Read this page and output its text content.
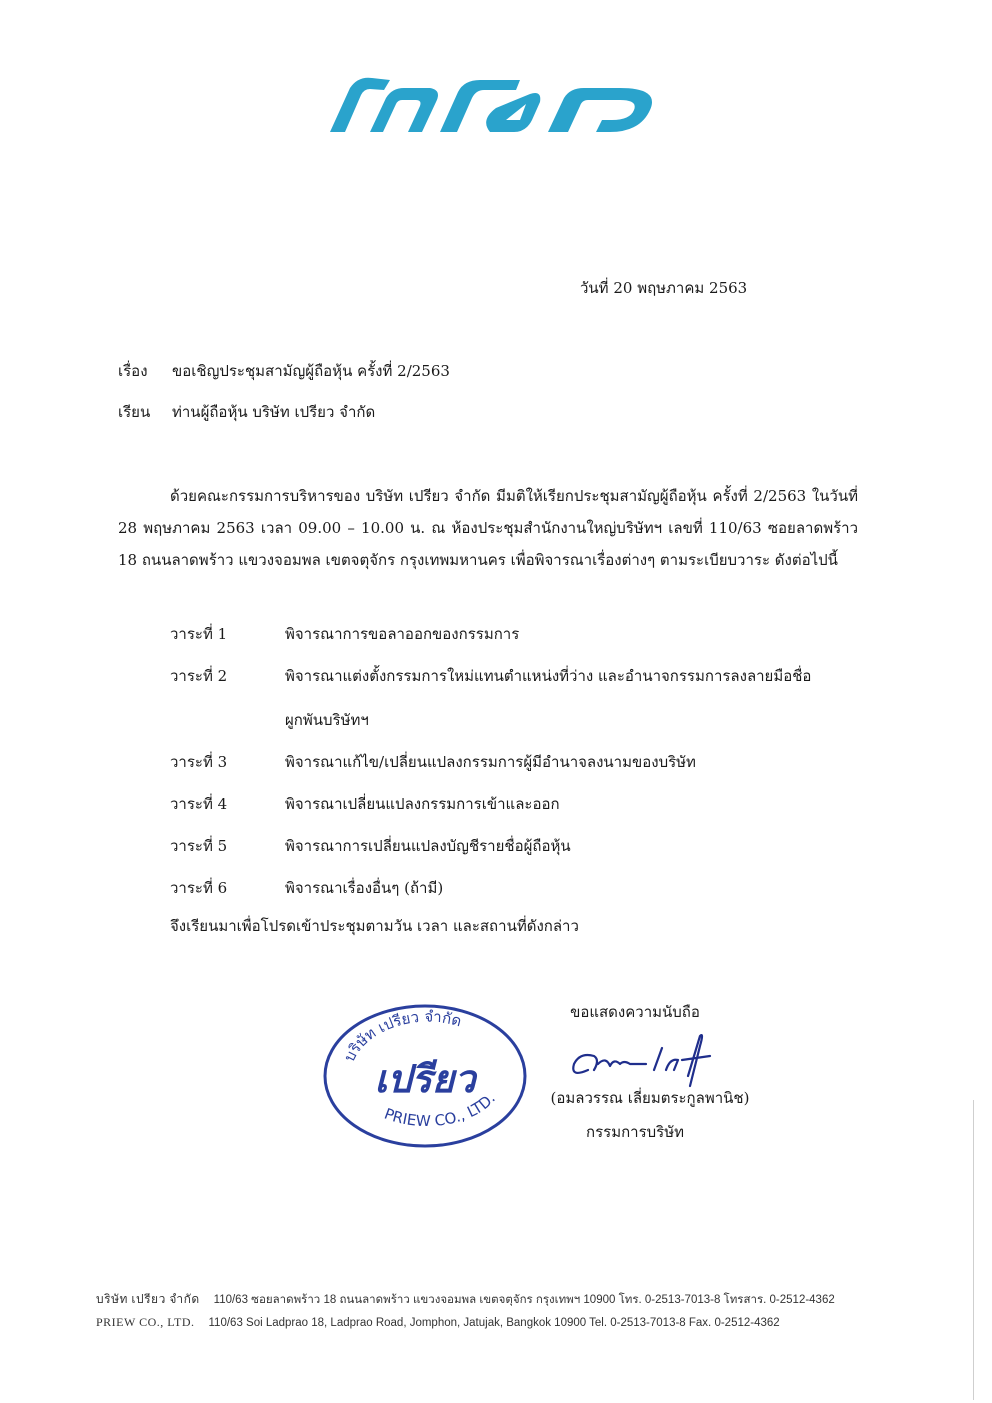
วันที่ 20 พฤษภาคม 2563
เรื่อง ขอเชิญประชุมสามัญผู้ถือหุ้น ครั้งที่ 2/2563
เรียน ท่านผู้ถือหุ้น บริษัท เปรียว จำกัด
ด้วยคณะกรรมการบริหารของ บริษัท เปรียว จำกัด มีมติให้เรียกประชุมสามัญผู้ถือหุ้น ครั้งที่ 2/2563 ในวันที่ 28 พฤษภาคม 2563 เวลา 09.00 – 10.00 น. ณ ห้องประชุมสำนักงานใหญ่บริษัทฯ เลขที่ 110/63 ซอยลาดพร้าว 18 ถนนลาดพร้าว แขวงจอมพล เขตจตุจักร กรุงเทพมหานคร เพื่อพิจารณาเรื่องต่างๆ ตามระเบียบวาระ ดังต่อไปนี้
วาระที่ 1	พิจารณาการขอลาออกของกรรมการ
วาระที่ 2	พิจารณาแต่งตั้งกรรมการใหม่แทนตำแหน่งที่ว่าง และอำนาจกรรมการลงลายมือชื่อผูกพันบริษัทฯ
วาระที่ 3	พิจารณาแก้ไข/เปลี่ยนแปลงกรรมการผู้มีอำนาจลงนามของบริษัท
วาระที่ 4	พิจารณาเปลี่ยนแปลงกรรมการเข้าและออก
วาระที่ 5	พิจารณาการเปลี่ยนแปลงบัญชีรายชื่อผู้ถือหุ้น
วาระที่ 6	พิจารณาเรื่องอื่นๆ (ถ้ามี)
จึงเรียนมาเพื่อโปรดเข้าประชุมตามวัน เวลา และสถานที่ดังกล่าว
บริษัท เปรียว จำกัด
เปรียว
PRIEW CO., LTD.
ขอแสดงความนับถือ
(อมลวรรณ เลี่ยมตระกูลพานิช)
กรรมการบริษัท
บริษัท เปรียว จำกัด 110/63 ซอยลาดพร้าว 18 ถนนลาดพร้าว แขวงจอมพล เขตจตุจักร กรุงเทพฯ 10900 โทร. 0-2513-7013-8 โทรสาร. 0-2512-4362
PRIEW CO., LTD. 110/63 Soi Ladprao 18, Ladprao Road, Jomphon, Jatujak, Bangkok 10900 Tel. 0-2513-7013-8 Fax. 0-2512-4362
